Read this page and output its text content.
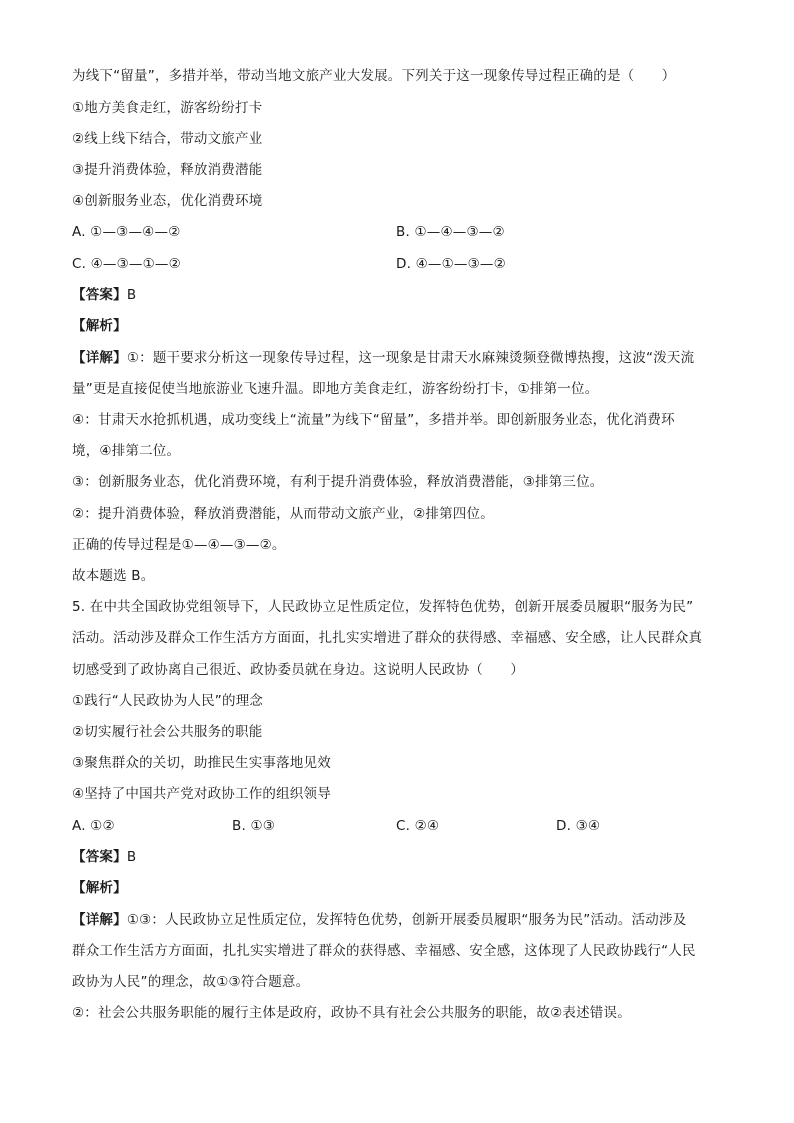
为线下“留量”，多措并举，带动当地文旅产业大发展。下列关于这一现象传导过程正确的是（　　）
①地方美食走红，游客纷纷打卡
②线上线下结合，带动文旅产业
③提升消费体验，释放消费潜能
④创新服务业态，优化消费环境
A. ①—③—④—②	B. ①—④—③—②
C. ④—③—①—②	D. ④—①—③—②
【答案】B
【解析】
【详解】①：题干要求分析这一现象传导过程，这一现象是甘肃天水麻辣烫频登微博热搜，这波“泼天流
量”更是直接促使当地旅游业飞速升温。即地方美食走红，游客纷纷打卡，①排第一位。
④：甘肃天水抢抓机遇，成功变线上“流量”为线下“留量”，多措并举。即创新服务业态，优化消费环
境，④排第二位。
③：创新服务业态，优化消费环境，有利于提升消费体验，释放消费潜能，③排第三位。
②：提升消费体验，释放消费潜能，从而带动文旅产业，②排第四位。
正确的传导过程是①—④—③—②。
故本题选 B。
5. 在中共全国政协党组领导下，人民政协立足性质定位，发挥特色优势，创新开展委员履职“服务为民”
活动。活动涉及群众工作生活方方面面，扎扎实实增进了群众的获得感、幸福感、安全感，让人民群众真
切感受到了政协离自己很近、政协委员就在身边。这说明人民政协（　　）
①践行“人民政协为人民”的理念
②切实履行社会公共服务的职能
③聚焦群众的关切，助推民生实事落地见效
④坚持了中国共产党对政协工作的组织领导
A. ①②	B. ①③	C. ②④	D. ③④
【答案】B
【解析】
【详解】①③：人民政协立足性质定位，发挥特色优势，创新开展委员履职“服务为民”活动。活动涉及
群众工作生活方方面面，扎扎实实增进了群众的获得感、幸福感、安全感，这体现了人民政协践行“人民
政协为人民”的理念，故①③符合题意。
②：社会公共服务职能的履行主体是政府，政协不具有社会公共服务的职能，故②表述错误。
